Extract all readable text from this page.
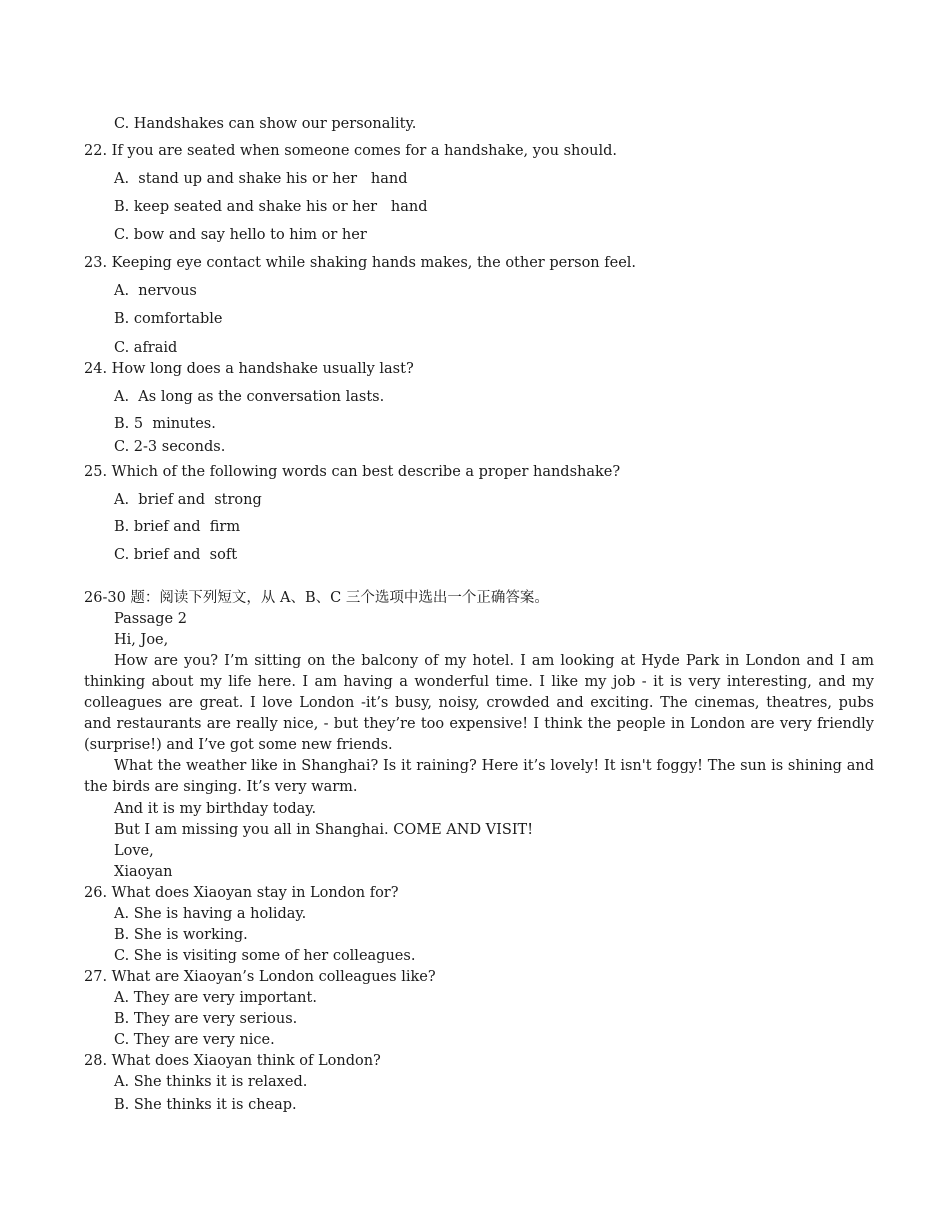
C. Handshakes can show our personality.
22. If you are seated when someone comes for a handshake, you should.
A.  stand up and shake his or her   hand
B. keep seated and shake his or her   hand
C. bow and say hello to him or her
23. Keeping eye contact while shaking hands makes, the other person feel.
A.  nervous
B. comfortable
C. afraid
24. How long does a handshake usually last?
A.  As long as the conversation lasts.
B. 5  minutes.
C. 2-3 seconds.
25. Which of the following words can best describe a proper handshake?
A.  brief and  strong
B. brief and  firm
C. brief and  soft
26-30 题：阅读下列短文，从 A、B、C 三个选项中选出一个正确答案。
Passage 2
Hi, Joe,

How are you? I’m sitting on the balcony of my hotel. I am looking at Hyde Park in London and I am thinking about my life here. I am having a wonderful time. I like my job - it is very interesting, and my colleagues are great. I love London -it’s busy, noisy, crowded and exciting. The cinemas, theatres, pubs and restaurants are really nice, - but they’re too expensive! I think the people in London are very friendly (surprise!) and I’ve got some new friends.

What the weather like in Shanghai? Is it raining? Here it’s lovely! It isn't foggy! The sun is shining and the birds are singing. It’s very warm.

And it is my birthday today.
But I am missing you all in Shanghai. COME AND VISIT!
Love,
Xiaoyan
26. What does Xiaoyan stay in London for?
A. She is having a holiday.
B. She is working.
C. She is visiting some of her colleagues.
27. What are Xiaoyan’s London colleagues like?
A. They are very important.
B. They are very serious.
C. They are very nice.
28. What does Xiaoyan think of London?
A. She thinks it is relaxed.
B. She thinks it is cheap.
